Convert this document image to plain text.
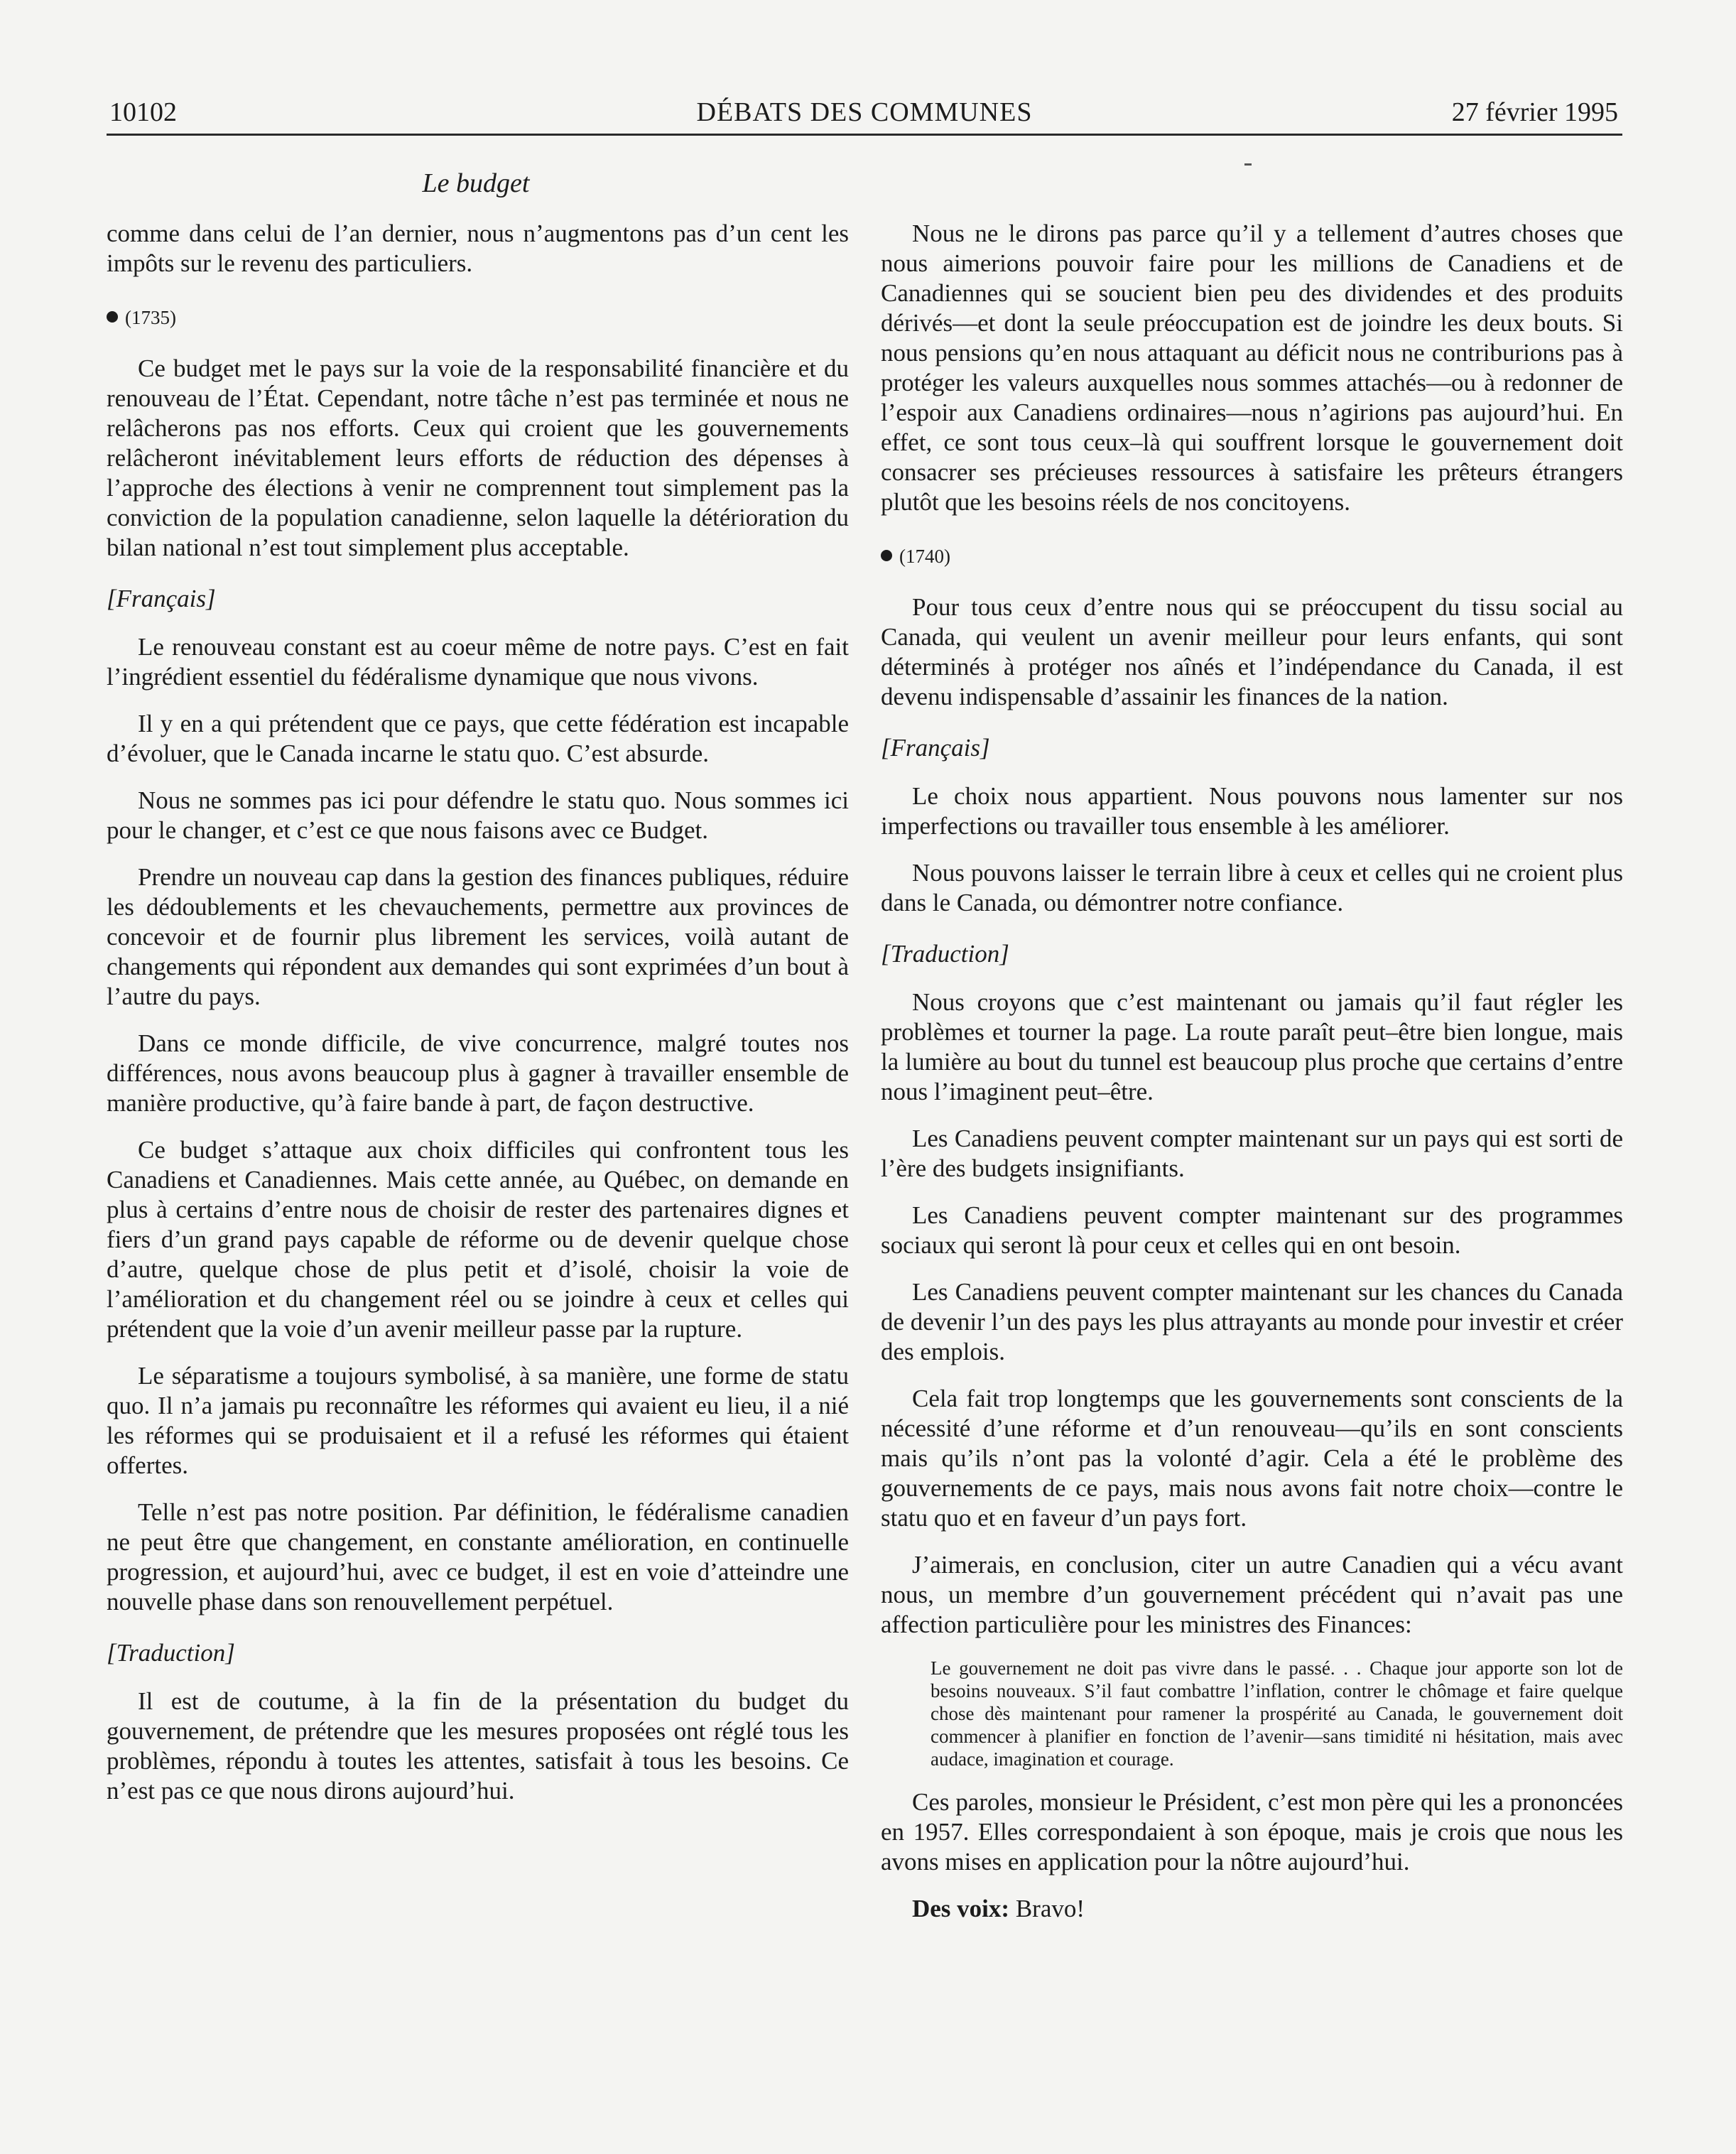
10102	DÉBATS DES COMMUNES	27 février 1995
Le budget

comme dans celui de l’an dernier, nous n’augmentons pas d’un cent les impôts sur le revenu des particuliers.

(1735)

Ce budget met le pays sur la voie de la responsabilité financière et du renouveau de l’État. Cependant, notre tâche n’est pas terminée et nous ne relâcherons pas nos efforts. Ceux qui croient que les gouvernements relâcheront inévitablement leurs efforts de réduction des dépenses à l’approche des élections à venir ne comprennent tout simplement pas la conviction de la population canadienne, selon laquelle la détérioration du bilan national n’est tout simplement plus acceptable.

[Français]

Le renouveau constant est au coeur même de notre pays. C’est en fait l’ingrédient essentiel du fédéralisme dynamique que nous vivons.

Il y en a qui prétendent que ce pays, que cette fédération est incapable d’évoluer, que le Canada incarne le statu quo. C’est absurde.

Nous ne sommes pas ici pour défendre le statu quo. Nous sommes ici pour le changer, et c’est ce que nous faisons avec ce Budget.

Prendre un nouveau cap dans la gestion des finances publiques, réduire les dédoublements et les chevauchements, permettre aux provinces de concevoir et de fournir plus librement les services, voilà autant de changements qui répondent aux demandes qui sont exprimées d’un bout à l’autre du pays.

Dans ce monde difficile, de vive concurrence, malgré toutes nos différences, nous avons beaucoup plus à gagner à travailler ensemble de manière productive, qu’à faire bande à part, de façon destructive.

Ce budget s’attaque aux choix difficiles qui confrontent tous les Canadiens et Canadiennes. Mais cette année, au Québec, on demande en plus à certains d’entre nous de choisir de rester des partenaires dignes et fiers d’un grand pays capable de réforme ou de devenir quelque chose d’autre, quelque chose de plus petit et d’isolé, choisir la voie de l’amélioration et du changement réel ou se joindre à ceux et celles qui prétendent que la voie d’un avenir meilleur passe par la rupture.

Le séparatisme a toujours symbolisé, à sa manière, une forme de statu quo. Il n’a jamais pu reconnaître les réformes qui avaient eu lieu, il a nié les réformes qui se produisaient et il a refusé les réformes qui étaient offertes.

Telle n’est pas notre position. Par définition, le fédéralisme canadien ne peut être que changement, en constante amélioration, en continuelle progression, et aujourd’hui, avec ce budget, il est en voie d’atteindre une nouvelle phase dans son renouvellement perpétuel.

[Traduction]

Il est de coutume, à la fin de la présentation du budget du gouvernement, de prétendre que les mesures proposées ont réglé tous les problèmes, répondu à toutes les attentes, satisfait à tous les besoins. Ce n’est pas ce que nous dirons aujourd’hui.

Nous ne le dirons pas parce qu’il y a tellement d’autres choses que nous aimerions pouvoir faire pour les millions de Canadiens et de Canadiennes qui se soucient bien peu des dividendes et des produits dérivés—et dont la seule préoccupation est de joindre les deux bouts. Si nous pensions qu’en nous attaquant au déficit nous ne contriburions pas à protéger les valeurs auxquelles nous sommes attachés—ou à redonner de l’espoir aux Canadiens ordinaires—nous n’agirions pas aujourd’hui. En effet, ce sont tous ceux–là qui souffrent lorsque le gouvernement doit consacrer ses précieuses ressources à satisfaire les prêteurs étrangers plutôt que les besoins réels de nos concitoyens.

(1740)

Pour tous ceux d’entre nous qui se préoccupent du tissu social au Canada, qui veulent un avenir meilleur pour leurs enfants, qui sont déterminés à protéger nos aînés et l’indépendance du Canada, il est devenu indispensable d’assainir les finances de la nation.

[Français]

Le choix nous appartient. Nous pouvons nous lamenter sur nos imperfections ou travailler tous ensemble à les améliorer.

Nous pouvons laisser le terrain libre à ceux et celles qui ne croient plus dans le Canada, ou démontrer notre confiance.

[Traduction]

Nous croyons que c’est maintenant ou jamais qu’il faut régler les problèmes et tourner la page. La route paraît peut–être bien longue, mais la lumière au bout du tunnel est beaucoup plus proche que certains d’entre nous l’imaginent peut–être.

Les Canadiens peuvent compter maintenant sur un pays qui est sorti de l’ère des budgets insignifiants.

Les Canadiens peuvent compter maintenant sur des programmes sociaux qui seront là pour ceux et celles qui en ont besoin.

Les Canadiens peuvent compter maintenant sur les chances du Canada de devenir l’un des pays les plus attrayants au monde pour investir et créer des emplois.

Cela fait trop longtemps que les gouvernements sont conscients de la nécessité d’une réforme et d’un renouveau—qu’ils en sont conscients mais qu’ils n’ont pas la volonté d’agir. Cela a été le problème des gouvernements de ce pays, mais nous avons fait notre choix—contre le statu quo et en faveur d’un pays fort.

J’aimerais, en conclusion, citer un autre Canadien qui a vécu avant nous, un membre d’un gouvernement précédent qui n’avait pas une affection particulière pour les ministres des Finances:

Le gouvernement ne doit pas vivre dans le passé. . . Chaque jour apporte son lot de besoins nouveaux. S’il faut combattre l’inflation, contrer le chômage et faire quelque chose dès maintenant pour ramener la prospérité au Canada, le gouvernement doit commencer à planifier en fonction de l’avenir—sans timidité ni hésitation, mais avec audace, imagination et courage.

Ces paroles, monsieur le Président, c’est mon père qui les a prononcées en 1957. Elles correspondaient à son époque, mais je crois que nous les avons mises en application pour la nôtre aujourd’hui.

Des voix: Bravo!
